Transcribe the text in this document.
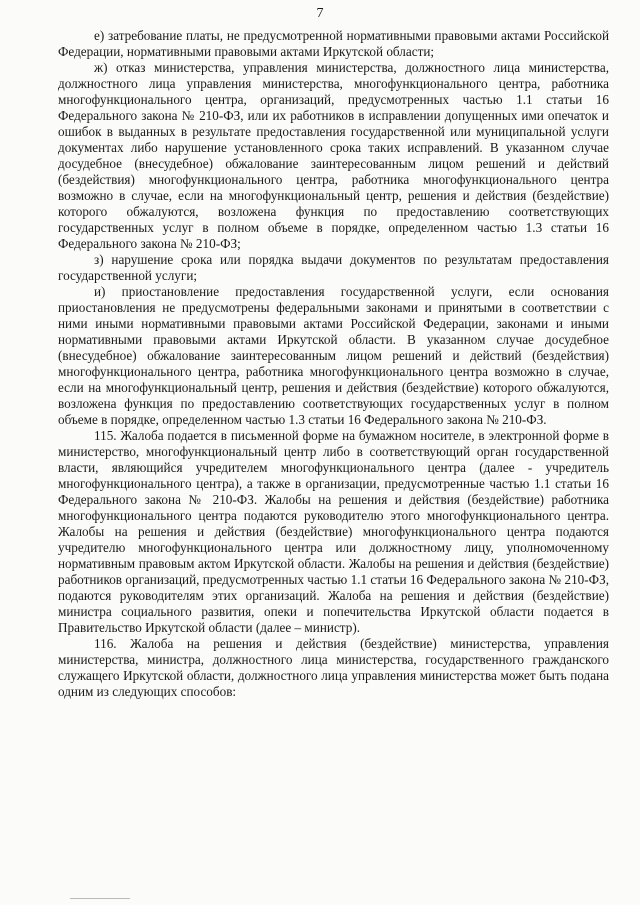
7

е) затребование платы, не предусмотренной нормативными правовыми актами Российской Федерации, нормативными правовыми актами Иркутской области;

ж) отказ министерства, управления министерства, должностного лица министерства, должностного лица управления министерства, многофункционального центра, работника многофункционального центра, организаций, предусмотренных частью 1.1 статьи 16 Федерального закона № 210-ФЗ, или их работников в исправлении допущенных ими опечаток и ошибок в выданных в результате предоставления государственной или муниципальной услуги документах либо нарушение установленного срока таких исправлений. В указанном случае досудебное (внесудебное) обжалование заинтересованным лицом решений и действий (бездействия) многофункционального центра, работника многофункционального центра возможно в случае, если на многофункциональный центр, решения и действия (бездействие) которого обжалуются, возложена функция по предоставлению соответствующих государственных услуг в полном объеме в порядке, определенном частью 1.3 статьи 16 Федерального закона № 210-ФЗ;

з) нарушение срока или порядка выдачи документов по результатам предоставления государственной услуги;

и) приостановление предоставления государственной услуги, если основания приостановления не предусмотрены федеральными законами и принятыми в соответствии с ними иными нормативными правовыми актами Российской Федерации, законами и иными нормативными правовыми актами Иркутской области. В указанном случае досудебное (внесудебное) обжалование заинтересованным лицом решений и действий (бездействия) многофункционального центра, работника многофункционального центра возможно в случае, если на многофункциональный центр, решения и действия (бездействие) которого обжалуются, возложена функция по предоставлению соответствующих государственных услуг в полном объеме в порядке, определенном частью 1.3 статьи 16 Федерального закона № 210-ФЗ.

115. Жалоба подается в письменной форме на бумажном носителе, в электронной форме в министерство, многофункциональный центр либо в соответствующий орган государственной власти, являющийся учредителем многофункционального центра (далее - учредитель многофункционального центра), а также в организации, предусмотренные частью 1.1 статьи 16 Федерального закона № 210-ФЗ. Жалобы на решения и действия (бездействие) работника многофункционального центра подаются руководителю этого многофункционального центра. Жалобы на решения и действия (бездействие) многофункционального центра подаются учредителю многофункционального центра или должностному лицу, уполномоченному нормативным правовым актом Иркутской области. Жалобы на решения и действия (бездействие) работников организаций, предусмотренных частью 1.1 статьи 16 Федерального закона № 210-ФЗ, подаются руководителям этих организаций. Жалоба на решения и действия (бездействие) министра социального развития, опеки и попечительства Иркутской области подается в Правительство Иркутской области (далее – министр).

116. Жалоба на решения и действия (бездействие) министерства, управления министерства, министра, должностного лица министерства, государственного гражданского служащего Иркутской области, должностного лица управления министерства может быть подана одним из следующих способов:
